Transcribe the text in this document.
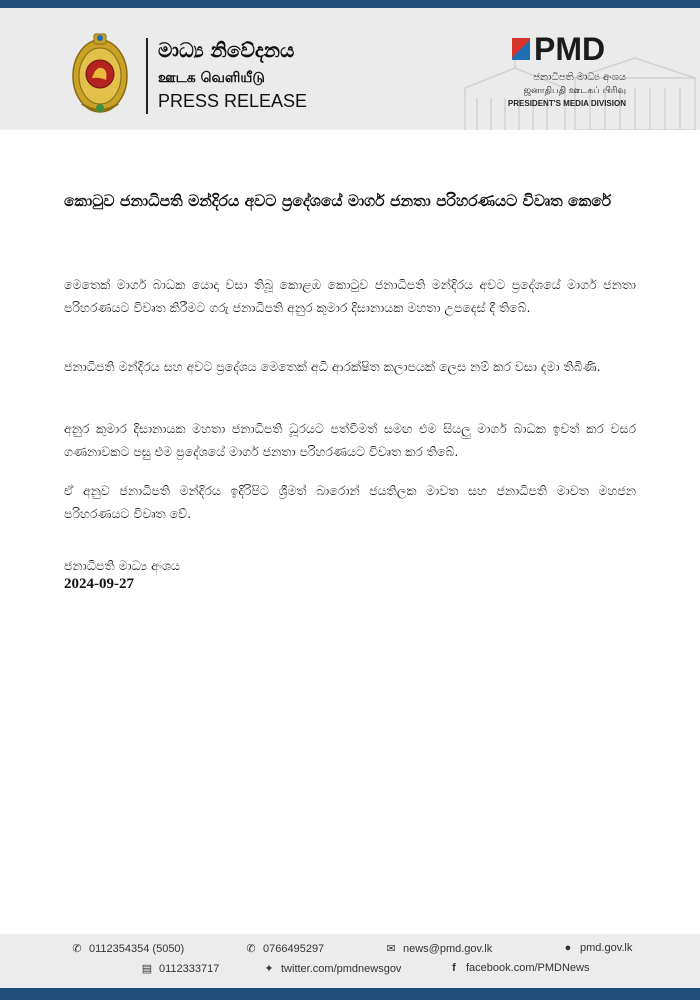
මාධ්‍ය නිවේදනය
ஊடக வெளியீடு
PRESS RELEASE
PMD
ජනාධිපති මාධ්‍ය අංශය
ஜனாதிபதி ஊடகப் பிரிவு
PRESIDENT'S MEDIA DIVISION
කොටුව ජනාධිපති මන්දිරය අවට ප්‍රදේශයේ මාර්ග ජනතා පරිහරණයට විවෘත කෙරේ

මෙතෙක් මාර්ග බාධක යොදා වසා තිබූ කොළඹ කොටුව ජනාධිපති මන්දිරය අවට ප්‍රදේශයේ මාර්ග ජනතා පරිහරණයට විවෘත කිරීමට ගරු ජනාධිපති අනුර කුමාර දිසානායක මහතා උපදෙස් දී තිබේ.

ජනාධිපති මන්දිරය සහ අවට ප්‍රදේශය මෙතෙක් අධි ආරක්ෂිත කලාපයක් ලෙස නම් කර වසා දමා තිබිණි.

අනුර කුමාර දිසානායක මහතා ජනාධිපති ධූරයට පත්වීමත් සමඟ එම සියලු මාර්ග බාධක ඉවත් කර වසර ගණනාවකට පසු එම ප්‍රදේශයේ මාර්ග ජනතා පරිහරණයට විවෘත කර තිබේ.

ඒ අනුව ජනාධිපති මන්දිරය ඉදිරිපිට ශ්‍රීමත් බාරොන් ජයතිලක මාවත සහ ජනාධිපති මාවත මහජන පරිහරණයට විවෘත වේ.

ජනාධිපති මාධ්‍ය අංශය
2024-09-27
✆ 0112354354 (5050)	✆ 0766495297	✉ news@pmd.gov.lk	● pmd.gov.lk
▤ 0112333717	✦ twitter.com/pmdnewsgov	f facebook.com/PMDNews
